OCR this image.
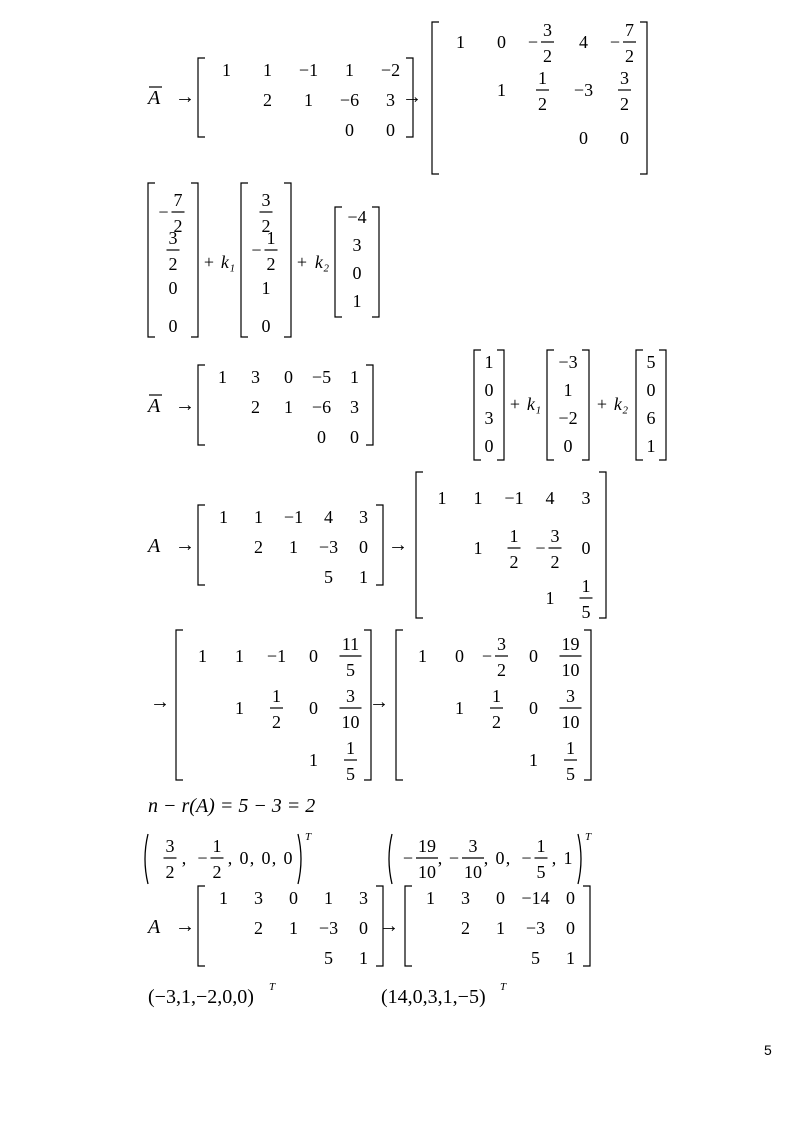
A →
1 1 −1 1 −2
2 1 −6 3
0 0
→
1 0 −
3
2
4 −
7
2
1
1
2
−3
3
2
0 0
−
7
2
3
2
0
0
+ k₁
3
2
−
1
2
1
0
+ k₂
−4
3
0
1
A →
1 3 0 −5 1
2 1 −6 3
0 0
1
0
3
0
+ k₁
−3
1
−2
0
+ k₂
5
0
6
1
A →
1 1 −1 4 3
2 1 −3 0
5 1
→
1 1 −1 4 3
1
1
2
−
3
2
0
1
1
5
→
1 1 −1 0
11
5
1
1
2
0
3
10
1
1
5
→
1 0 −
3
2
0
19
10
1
1
2
0
3
10
1
1
5
n − r(A) = 5 − 3 = 2
3
2
, −
1
2
, 0 , 0 , 0
T
−
19
10
, −
3
10
, 0 , −
1
5
, 1
T
A →
1 3 0 1 3
2 1 −3 0
5 1
→
1 3 0 −14 0
2 1 −3 0
5 1
(−3,1,−2,0,0) T	(14,0,3,1,−5) T
5
